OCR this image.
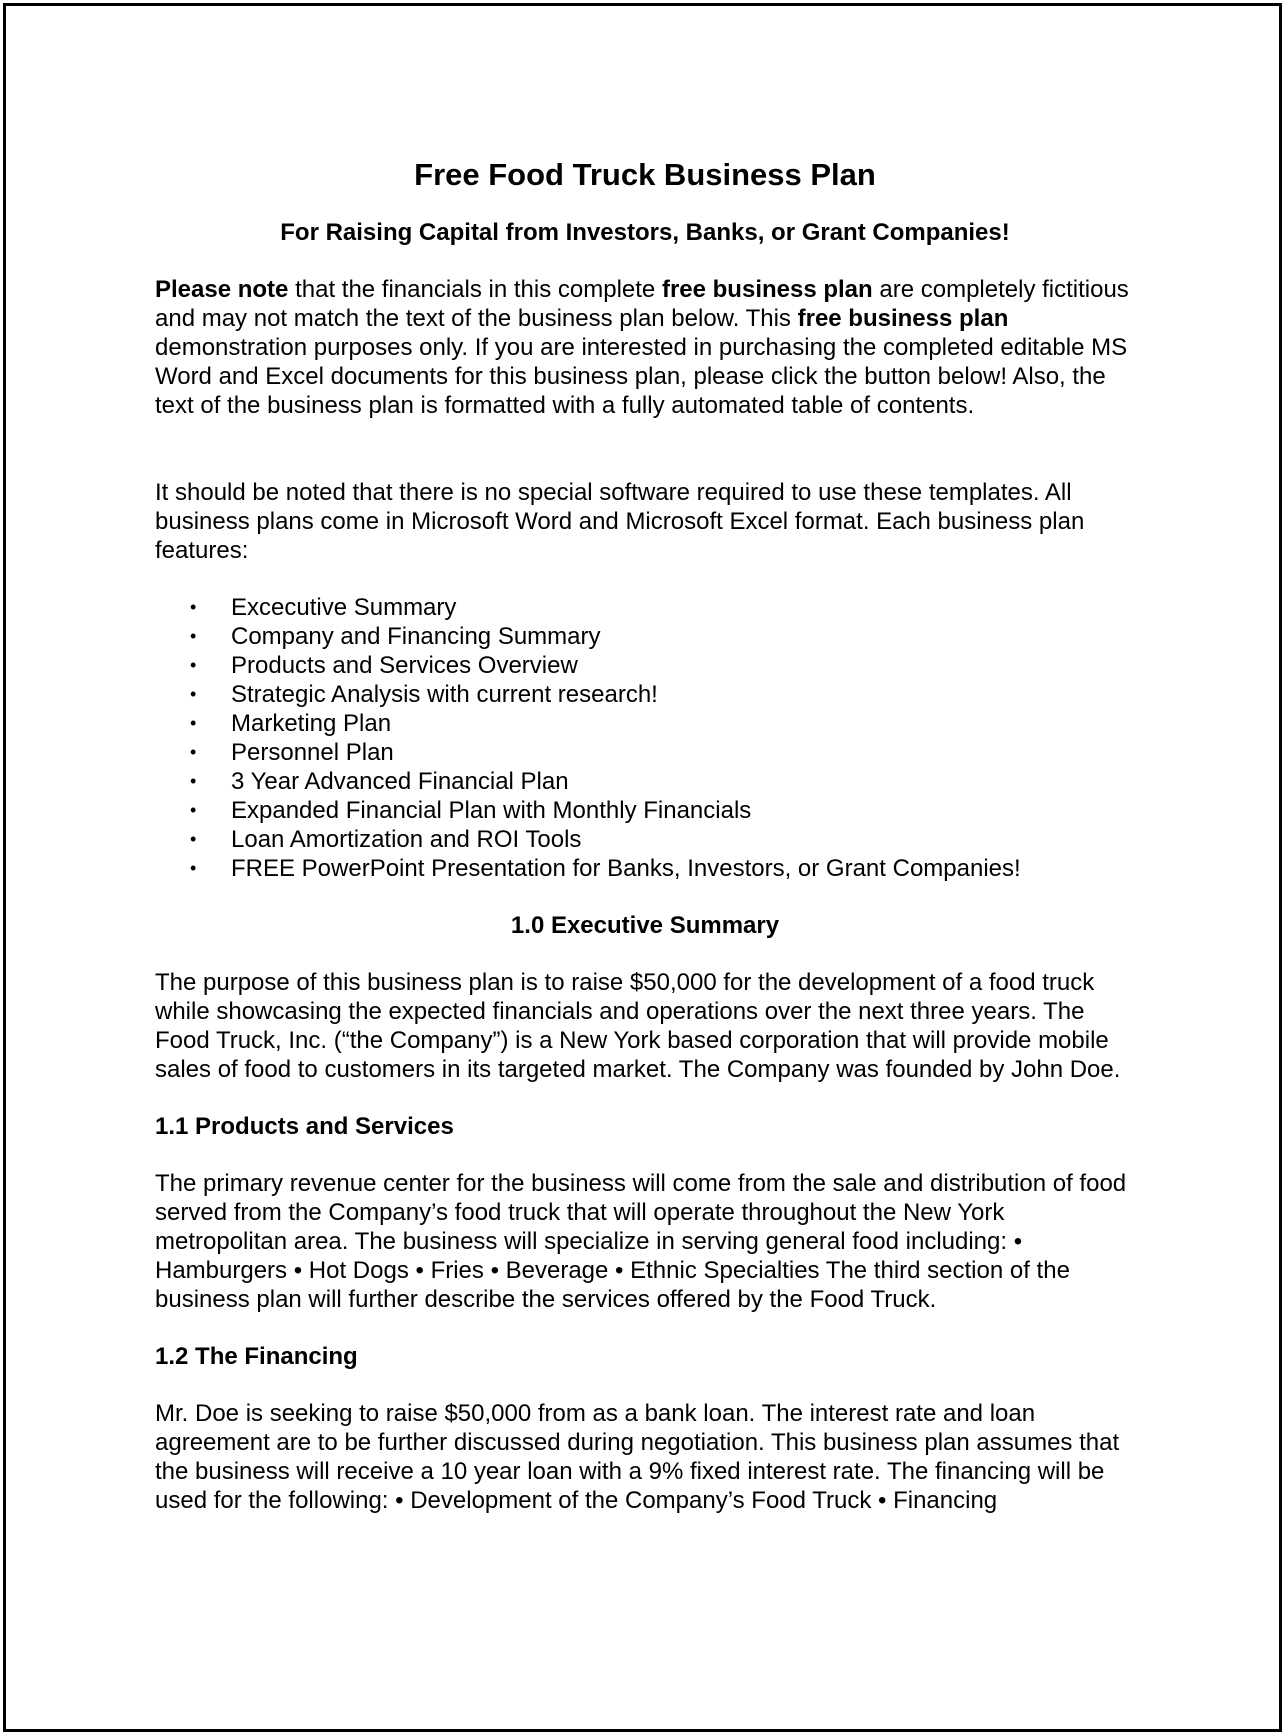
Free Food Truck Business Plan
For Raising Capital from Investors, Banks, or Grant Companies!

Please note that the financials in this complete free business plan are completely fictitious and may not match the text of the business plan below. This free business plan demonstration purposes only. If you are interested in purchasing the completed editable MS Word and Excel documents for this business plan, please click the button below! Also, the text of the business plan is formatted with a fully automated table of contents.

It should be noted that there is no special software required to use these templates. All business plans come in Microsoft Word and Microsoft Excel format. Each business plan features:

• Excecutive Summary
• Company and Financing Summary
• Products and Services Overview
• Strategic Analysis with current research!
• Marketing Plan
• Personnel Plan
• 3 Year Advanced Financial Plan
• Expanded Financial Plan with Monthly Financials
• Loan Amortization and ROI Tools
• FREE PowerPoint Presentation for Banks, Investors, or Grant Companies!

1.0 Executive Summary

The purpose of this business plan is to raise $50,000 for the development of a food truck while showcasing the expected financials and operations over the next three years. The Food Truck, Inc. (“the Company”) is a New York based corporation that will provide mobile sales of food to customers in its targeted market. The Company was founded by John Doe.

1.1 Products and Services

The primary revenue center for the business will come from the sale and distribution of food served from the Company’s food truck that will operate throughout the New York metropolitan area. The business will specialize in serving general food including: • Hamburgers • Hot Dogs • Fries • Beverage • Ethnic Specialties The third section of the business plan will further describe the services offered by the Food Truck.

1.2 The Financing

Mr. Doe is seeking to raise $50,000 from as a bank loan. The interest rate and loan agreement are to be further discussed during negotiation. This business plan assumes that the business will receive a 10 year loan with a 9% fixed interest rate. The financing will be used for the following: • Development of the Company’s Food Truck • Financing
